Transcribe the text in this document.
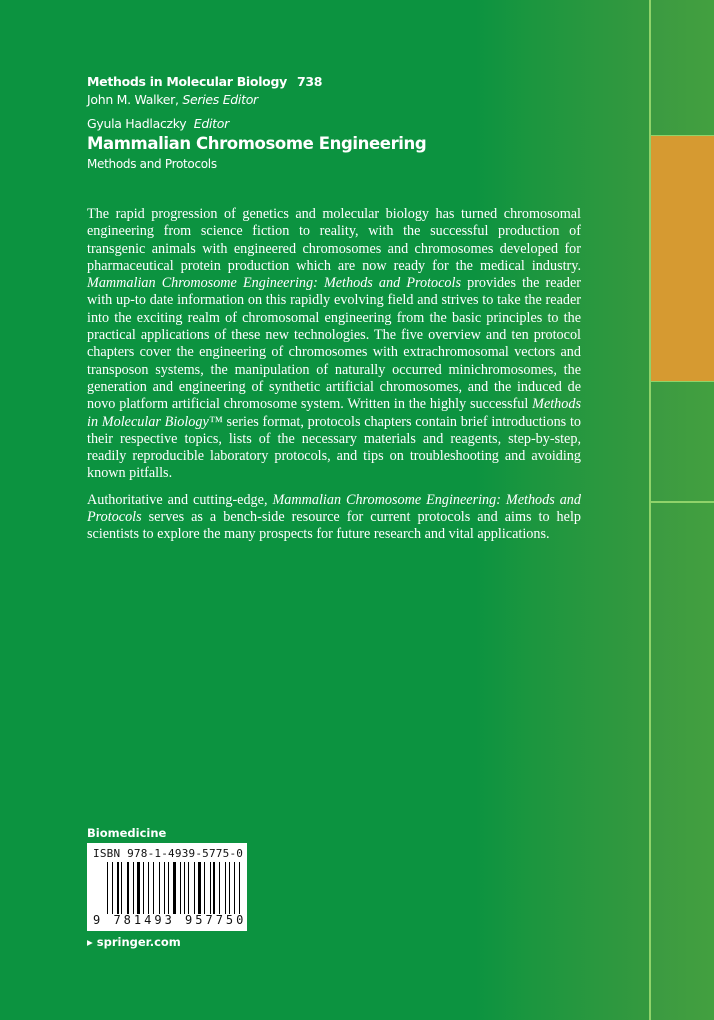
Methods in Molecular Biology 738
John M. Walker, Series Editor
Gyula Hadlaczky Editor
Mammalian Chromosome Engineering
Methods and Protocols

The rapid progression of genetics and molecular biology has turned chromosomal engineering from science fiction to reality, with the successful production of transgenic animals with engineered chromosomes and chromosomes developed for pharmaceutical protein production which are now ready for the medical industry. Mammalian Chromosome Engineering: Methods and Protocols provides the reader with up-to date information on this rapidly evolving field and strives to take the reader into the exciting realm of chromosomal engineering from the basic principles to the practical applications of these new technologies. The five overview and ten protocol chapters cover the engineering of chromosomes with extrachromosomal vectors and transposon systems, the manipulation of naturally occurred minichromosomes, the generation and engineering of synthetic artificial chromosomes, and the induced de novo platform artificial chromosome system. Written in the highly successful Methods in Molecular Biology™ series format, protocols chapters contain brief introductions to their respective topics, lists of the necessary materials and reagents, step-by-step, readily reproducible laboratory protocols, and tips on troubleshooting and avoiding known pitfalls.

Authoritative and cutting-edge, Mammalian Chromosome Engineering: Methods and Protocols serves as a bench-side resource for current protocols and aims to help scientists to explore the many prospects for future research and vital applications.

Biomedicine
ISBN 978-1-4939-5775-0
9 781493 957750
▸ springer.com
